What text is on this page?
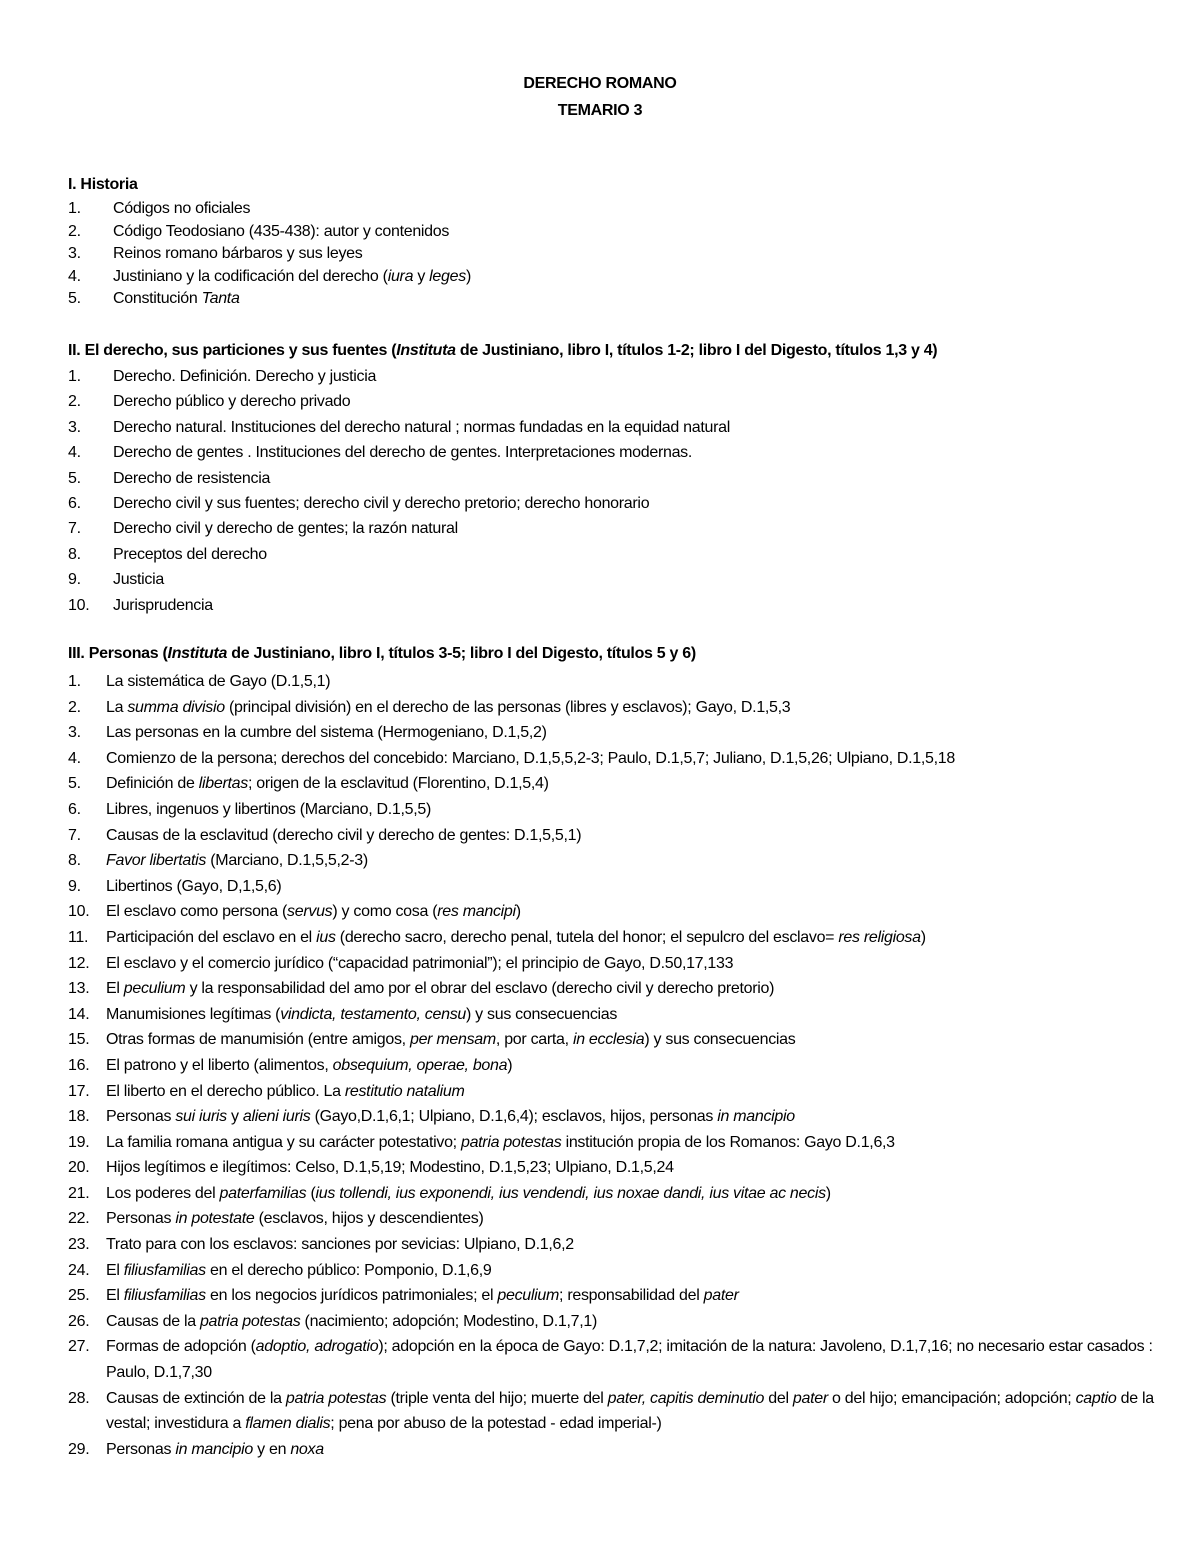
DERECHO ROMANO
TEMARIO 3
I. Historia
1. Códigos no oficiales
2. Código Teodosiano (435-438): autor y contenidos
3. Reinos romano bárbaros y sus leyes
4. Justiniano y la codificación del derecho (iura y leges)
5. Constitución Tanta
II. El derecho, sus particiones y sus fuentes (Instituta de Justiniano, libro I, títulos 1-2; libro I del Digesto, títulos 1,3 y 4)
1. Derecho. Definición. Derecho y justicia
2. Derecho público y derecho privado
3. Derecho natural. Instituciones del derecho natural ; normas fundadas en la equidad natural
4. Derecho de gentes . Instituciones del derecho de gentes. Interpretaciones modernas.
5. Derecho de resistencia
6. Derecho civil y sus fuentes; derecho civil y derecho pretorio; derecho honorario
7. Derecho civil y derecho de gentes; la razón natural
8. Preceptos del derecho
9. Justicia
10. Jurisprudencia
III. Personas (Instituta de Justiniano, libro I, títulos 3-5; libro I del Digesto, títulos 5 y 6)
1. La sistemática de Gayo (D.1,5,1)
2. La summa divisio (principal división) en el derecho de las personas (libres y esclavos); Gayo, D.1,5,3
3. Las personas en la cumbre del sistema (Hermogeniano, D.1,5,2)
4. Comienzo de la persona; derechos del concebido: Marciano, D.1,5,5,2-3; Paulo, D.1,5,7; Juliano, D.1,5,26; Ulpiano, D.1,5,18
5. Definición de libertas; origen de la esclavitud (Florentino, D.1,5,4)
6. Libres, ingenuos y libertinos (Marciano, D.1,5,5)
7. Causas de la esclavitud (derecho civil y derecho de gentes: D.1,5,5,1)
8. Favor libertatis (Marciano, D.1,5,5,2-3)
9. Libertinos (Gayo, D,1,5,6)
10. El esclavo como persona (servus) y como cosa (res mancipi)
11. Participación del esclavo en el ius (derecho sacro, derecho penal, tutela del honor; el sepulcro del esclavo= res religiosa)
12. El esclavo y el comercio jurídico (“capacidad patrimonial”); el principio de Gayo, D.50,17,133
13. El peculium y la responsabilidad del amo por el obrar del esclavo (derecho civil y derecho pretorio)
14. Manumisiones legítimas (vindicta, testamento, censu) y sus consecuencias
15. Otras formas de manumisión (entre amigos, per mensam, por carta, in ecclesia) y sus consecuencias
16. El patrono y el liberto (alimentos, obsequium, operae, bona)
17. El liberto en el derecho público. La restitutio natalium
18. Personas sui iuris y alieni iuris (Gayo,D.1,6,1; Ulpiano, D.1,6,4); esclavos, hijos, personas in mancipio
19. La familia romana antigua y su carácter potestativo; patria potestas institución propia de los Romanos: Gayo D.1,6,3
20. Hijos legítimos e ilegítimos: Celso, D.1,5,19; Modestino, D.1,5,23; Ulpiano, D.1,5,24
21. Los poderes del paterfamilias (ius tollendi, ius exponendi, ius vendendi, ius noxae dandi, ius vitae ac necis)
22. Personas in potestate (esclavos, hijos y descendientes)
23. Trato para con los esclavos: sanciones por sevicias: Ulpiano, D.1,6,2
24. El filiusfamilias en el derecho público: Pomponio, D.1,6,9
25. El filiusfamilias en los negocios jurídicos patrimoniales; el peculium; responsabilidad del pater
26. Causas de la patria potestas (nacimiento; adopción; Modestino, D.1,7,1)
27. Formas de adopción (adoptio, adrogatio); adopción en la época de Gayo: D.1,7,2; imitación de la natura: Javoleno, D.1,7,16; no necesario estar casados : Paulo, D.1,7,30
28. Causas de extinción de la patria potestas (triple venta del hijo; muerte del pater, capitis deminutio del pater o del hijo; emancipación; adopción; captio de la vestal; investidura a flamen dialis; pena por abuso de la potestad - edad imperial-)
29. Personas in mancipio y en noxa
